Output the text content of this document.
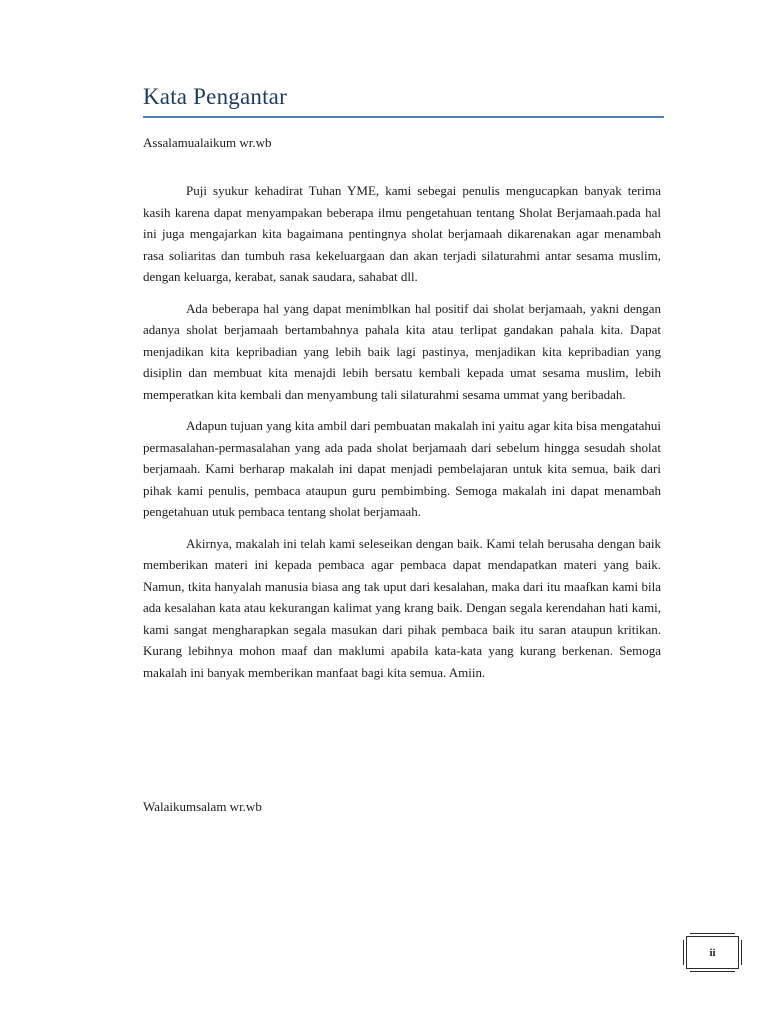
Kata Pengantar

Assalamualaikum wr.wb

Puji syukur kehadirat Tuhan YME, kami sebegai penulis mengucapkan banyak terima kasih karena dapat menyampakan beberapa ilmu pengetahuan tentang Sholat Berjamaah.pada hal ini juga mengajarkan kita bagaimana pentingnya sholat berjamaah dikarenakan agar menambah rasa soliaritas dan tumbuh rasa kekeluargaan dan akan terjadi silaturahmi antar sesama muslim, dengan keluarga, kerabat, sanak saudara, sahabat dll.

Ada beberapa hal yang dapat menimblkan hal positif dai sholat berjamaah, yakni dengan adanya sholat berjamaah bertambahnya pahala kita atau terlipat gandakan pahala kita. Dapat menjadikan kita kepribadian yang lebih baik lagi pastinya, menjadikan kita kepribadian yang disiplin dan membuat kita menajdi lebih bersatu kembali kepada umat sesama muslim, lebih memperatkan kita kembali dan menyambung tali silaturahmi sesama ummat yang beribadah.

Adapun tujuan yang kita ambil dari pembuatan makalah ini yaitu agar kita bisa mengatahui permasalahan-permasalahan yang ada pada sholat berjamaah dari sebelum hingga sesudah sholat berjamaah. Kami berharap makalah ini dapat menjadi pembelajaran untuk kita semua, baik dari pihak kami penulis, pembaca ataupun guru pembimbing. Semoga makalah ini dapat menambah pengetahuan utuk pembaca tentang sholat berjamaah.

Akirnya, makalah ini telah kami seleseikan dengan baik. Kami telah berusaha dengan baik memberikan materi ini kepada pembaca agar pembaca dapat mendapatkan materi yang baik. Namun, tkita hanyalah manusia biasa ang tak uput dari kesalahan, maka dari itu maafkan kami bila ada kesalahan kata atau kekurangan kalimat yang krang baik. Dengan segala kerendahan hati kami, kami sangat mengharapkan segala masukan dari pihak pembaca baik itu saran ataupun kritikan. Kurang lebihnya mohon maaf dan maklumi apabila kata-kata yang kurang berkenan. Semoga makalah ini banyak memberikan manfaat bagi kita semua. Amiin.

Walaikumsalam wr.wb

ii
